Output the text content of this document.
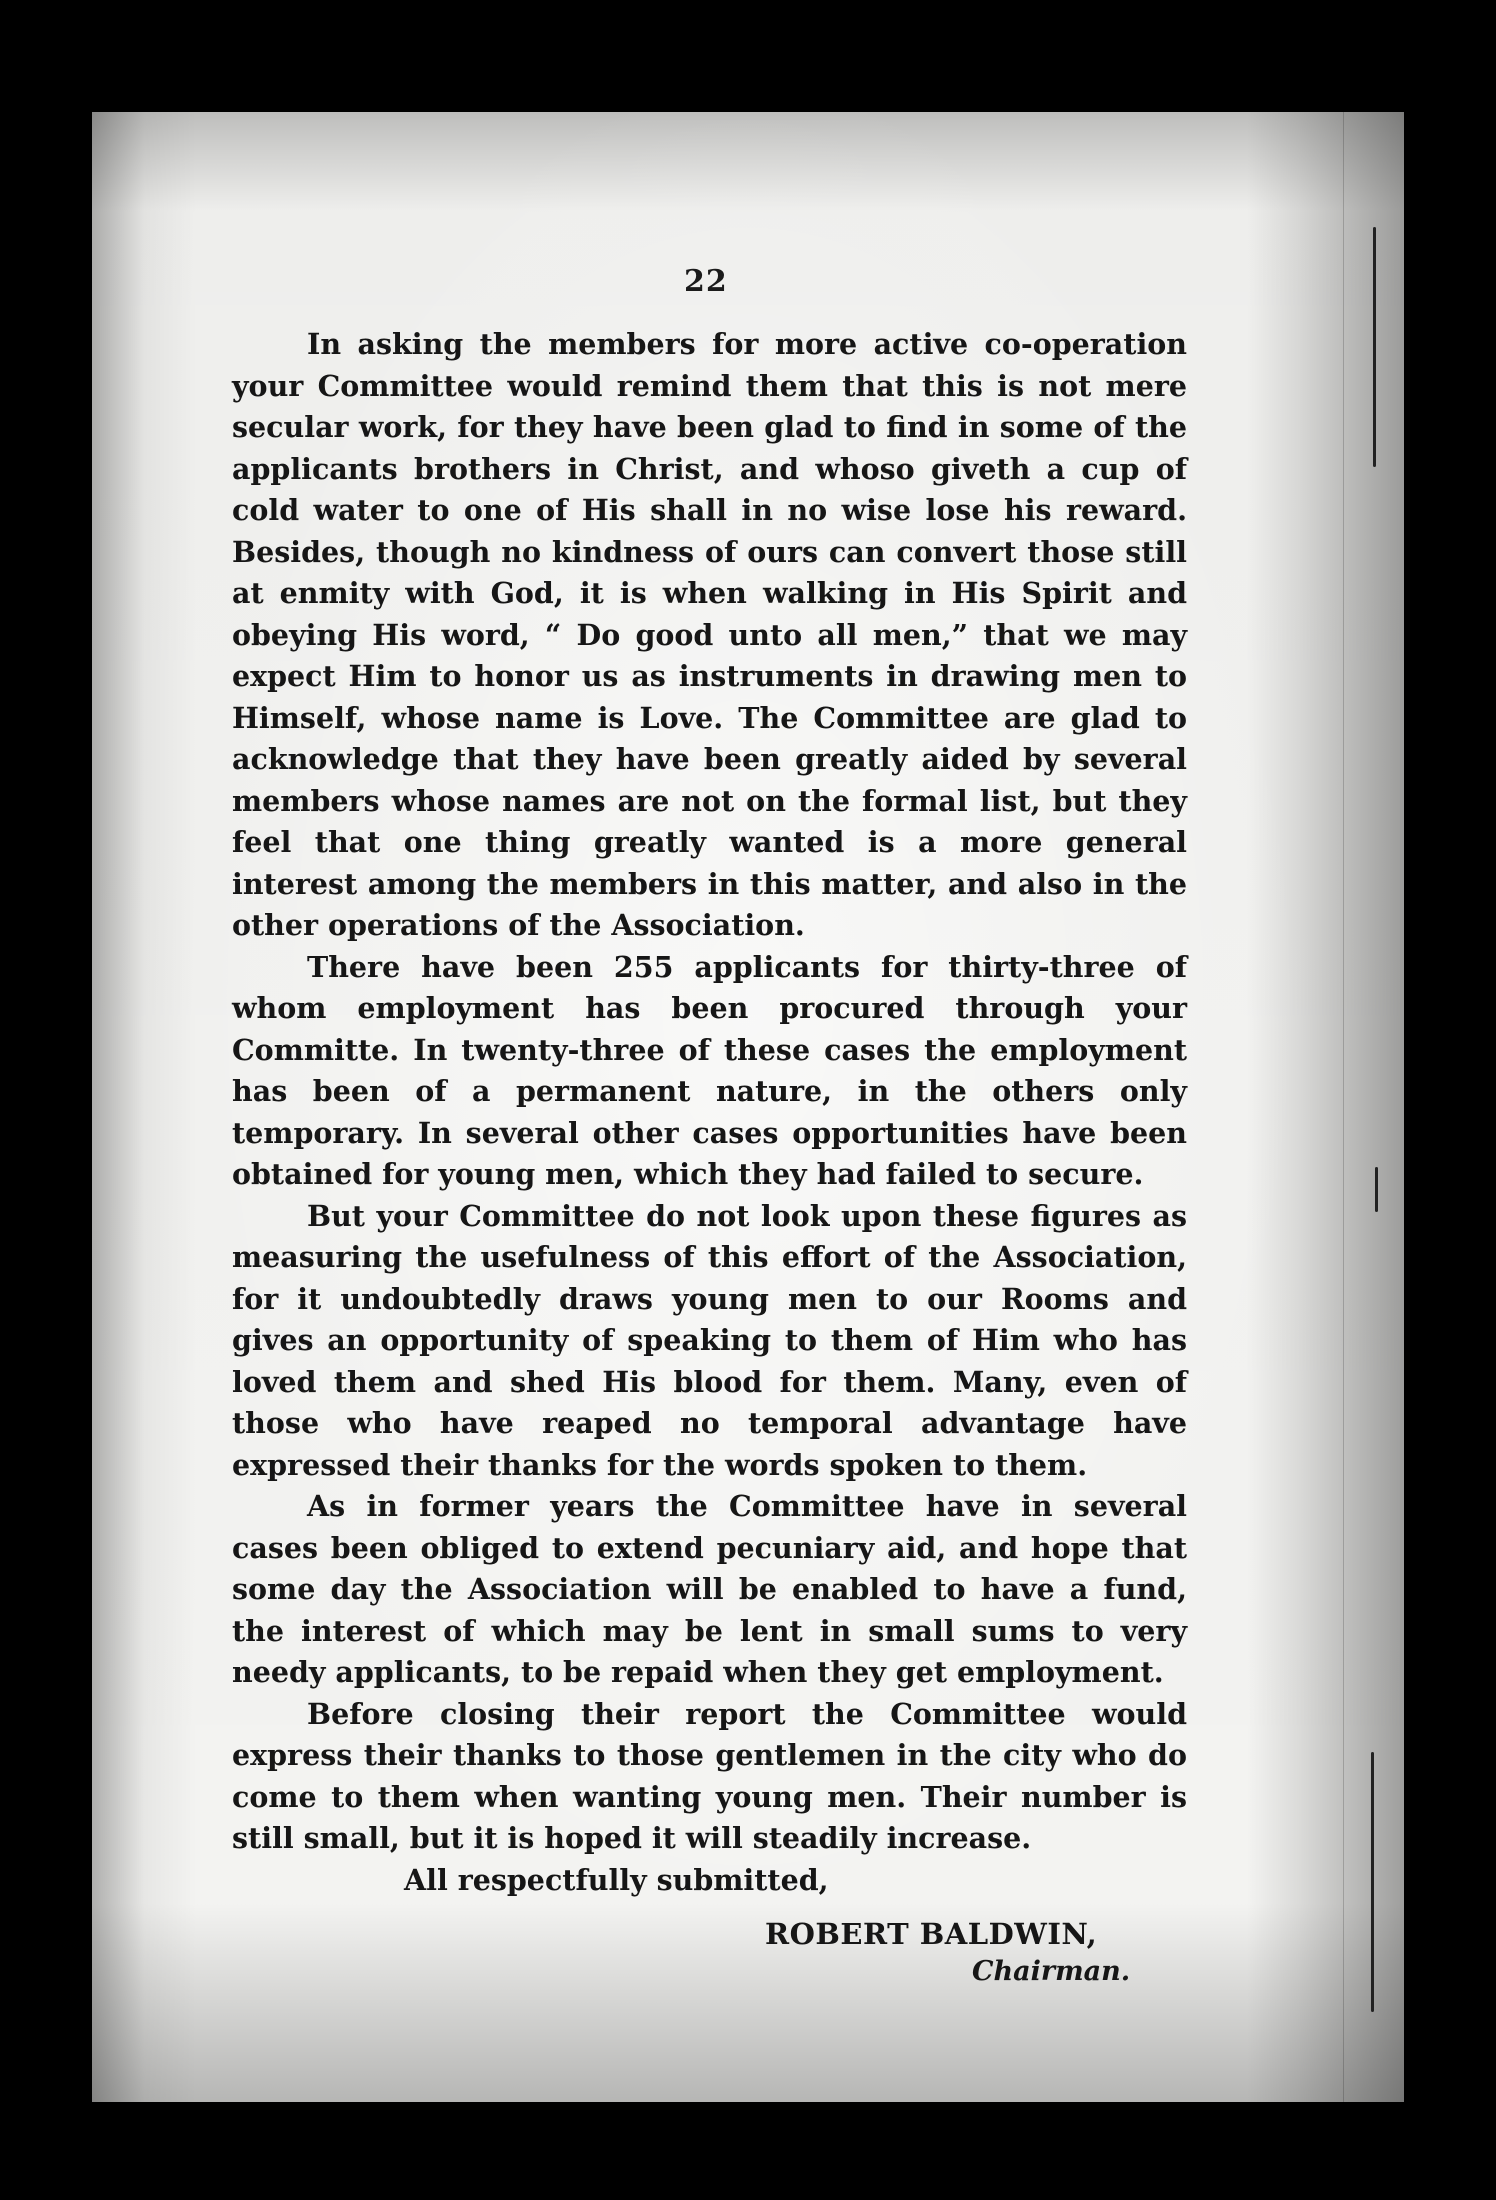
22

In asking the members for more active co-operation your Committee would remind them that this is not mere secular work, for they have been glad to find in some of the applicants brothers in Christ, and whoso giveth a cup of cold water to one of His shall in no wise lose his reward. Besides, though no kindness of ours can convert those still at enmity with God, it is when walking in His Spirit and obeying His word, “ Do good unto all men,” that we may expect Him to honor us as instruments in drawing men to Himself, whose name is Love. The Committee are glad to acknowledge that they have been greatly aided by several members whose names are not on the formal list, but they feel that one thing greatly wanted is a more general interest among the members in this matter, and also in the other operations of the Association.

There have been 255 applicants for thirty-three of whom employment has been procured through your Committe. In twenty-three of these cases the employment has been of a permanent nature, in the others only temporary. In several other cases opportunities have been obtained for young men, which they had failed to secure.

But your Committee do not look upon these figures as measuring the usefulness of this effort of the Association, for it undoubtedly draws young men to our Rooms and gives an opportunity of speaking to them of Him who has loved them and shed His blood for them. Many, even of those who have reaped no temporal advantage have expressed their thanks for the words spoken to them.

As in former years the Committee have in several cases been obliged to extend pecuniary aid, and hope that some day the Association will be enabled to have a fund, the interest of which may be lent in small sums to very needy applicants, to be repaid when they get employment.

Before closing their report the Committee would express their thanks to those gentlemen in the city who do come to them when wanting young men. Their number is still small, but it is hoped it will steadily increase.

All respectfully submitted,

ROBERT BALDWIN,

Chairman.
